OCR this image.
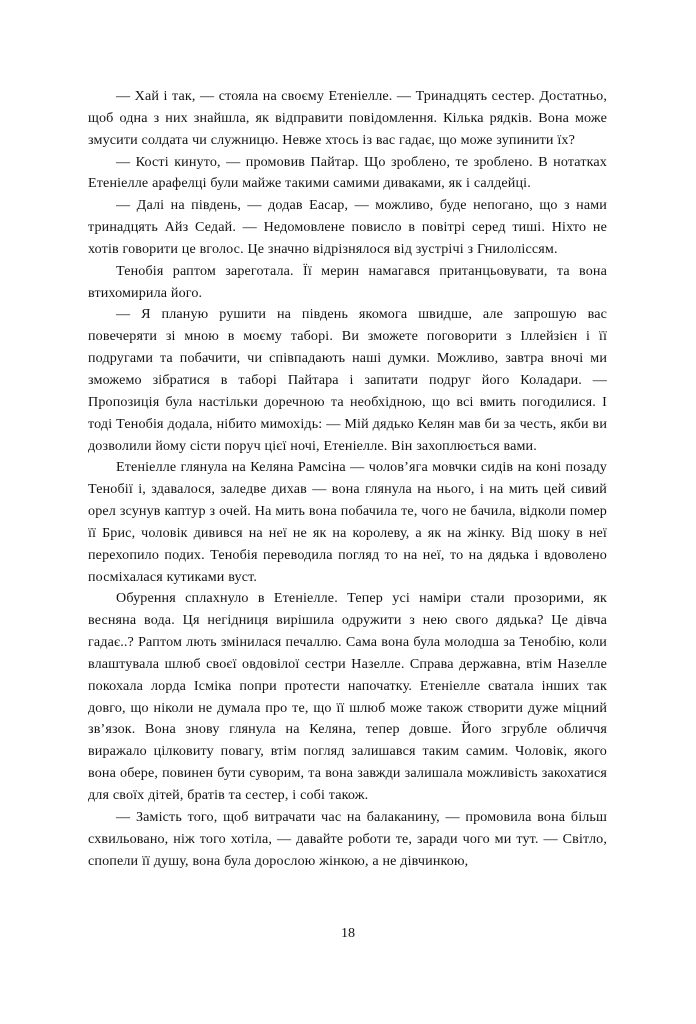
— Хай і так, — стояла на своєму Етеніелле. — Тринадцять сестер. Достатньо, щоб одна з них знайшла, як відправити повідомлення. Кілька рядків. Вона може змусити солдата чи служницю. Невже хтось із вас гадає, що може зупинити їх?

— Кості кинуто, — промовив Пайтар. Що зроблено, те зроблено. В нотатках Етеніелле арафелці були майже такими самими диваками, як і салдейці.

— Далі на південь, — додав Еасар, — можливо, буде непогано, що з нами тринадцять Айз Седай. — Недомовлене повисло в повітрі серед тиші. Ніхто не хотів говорити це вголос. Це значно відрізнялося від зустрічі з Гнилоліссям.

Тенобія раптом зареготала. Її мерин намагався пританцьовувати, та вона втихомирила його.

— Я планую рушити на південь якомога швидше, але запрошую вас повечеряти зі мною в моєму таборі. Ви зможете поговорити з Іллейзієн і її подругами та побачити, чи співпадають наші думки. Можливо, завтра вночі ми зможемо зібратися в таборі Пайтара і запитати подруг його Коладари. — Пропозиція була настільки доречною та необхідною, що всі вмить погодилися. І тоді Тенобія додала, нібито мимохідь: — Мій дядько Келян мав би за честь, якби ви дозволили йому сісти поруч цієї ночі, Етеніелле. Він захоплюється вами.

Етеніелле глянула на Келяна Рамсіна — чолов’яга мовчки сидів на коні позаду Тенобії і, здавалося, заледве дихав — вона глянула на нього, і на мить цей сивий орел зсунув каптур з очей. На мить вона побачила те, чого не бачила, відколи помер її Брис, чоловік дивився на неї не як на королеву, а як на жінку. Від шоку в неї перехопило подих. Тенобія переводила погляд то на неї, то на дядька і вдоволено посміхалася кутиками вуст.

Обурення сплахнуло в Етеніелле. Тепер усі наміри стали прозорими, як весняна вода. Ця негідниця вирішила одружити з нею свого дядька? Це дівча гадає..? Раптом лють змінилася печаллю. Сама вона була молодша за Тенобію, коли влаштувала шлюб своєї овдовілої сестри Назелле. Справа державна, втім Назелле покохала лорда Ісміка попри протести напочатку. Етеніелле сватала інших так довго, що ніколи не думала про те, що її шлюб може також створити дуже міцний зв’язок. Вона знову глянула на Келяна, тепер довше. Його згрубле обличчя виражало цілковиту повагу, втім погляд залишався таким самим. Чоловік, якого вона обере, повинен бути суворим, та вона завжди залишала можливість закохатися для своїх дітей, братів та сестер, і собі також.

— Замість того, щоб витрачати час на балаканину, — промовила вона більш схвильовано, ніж того хотіла, — давайте роботи те, заради чого ми тут. — Світло, спопели її душу, вона була дорослою жінкою, а не дівчинкою,

18
